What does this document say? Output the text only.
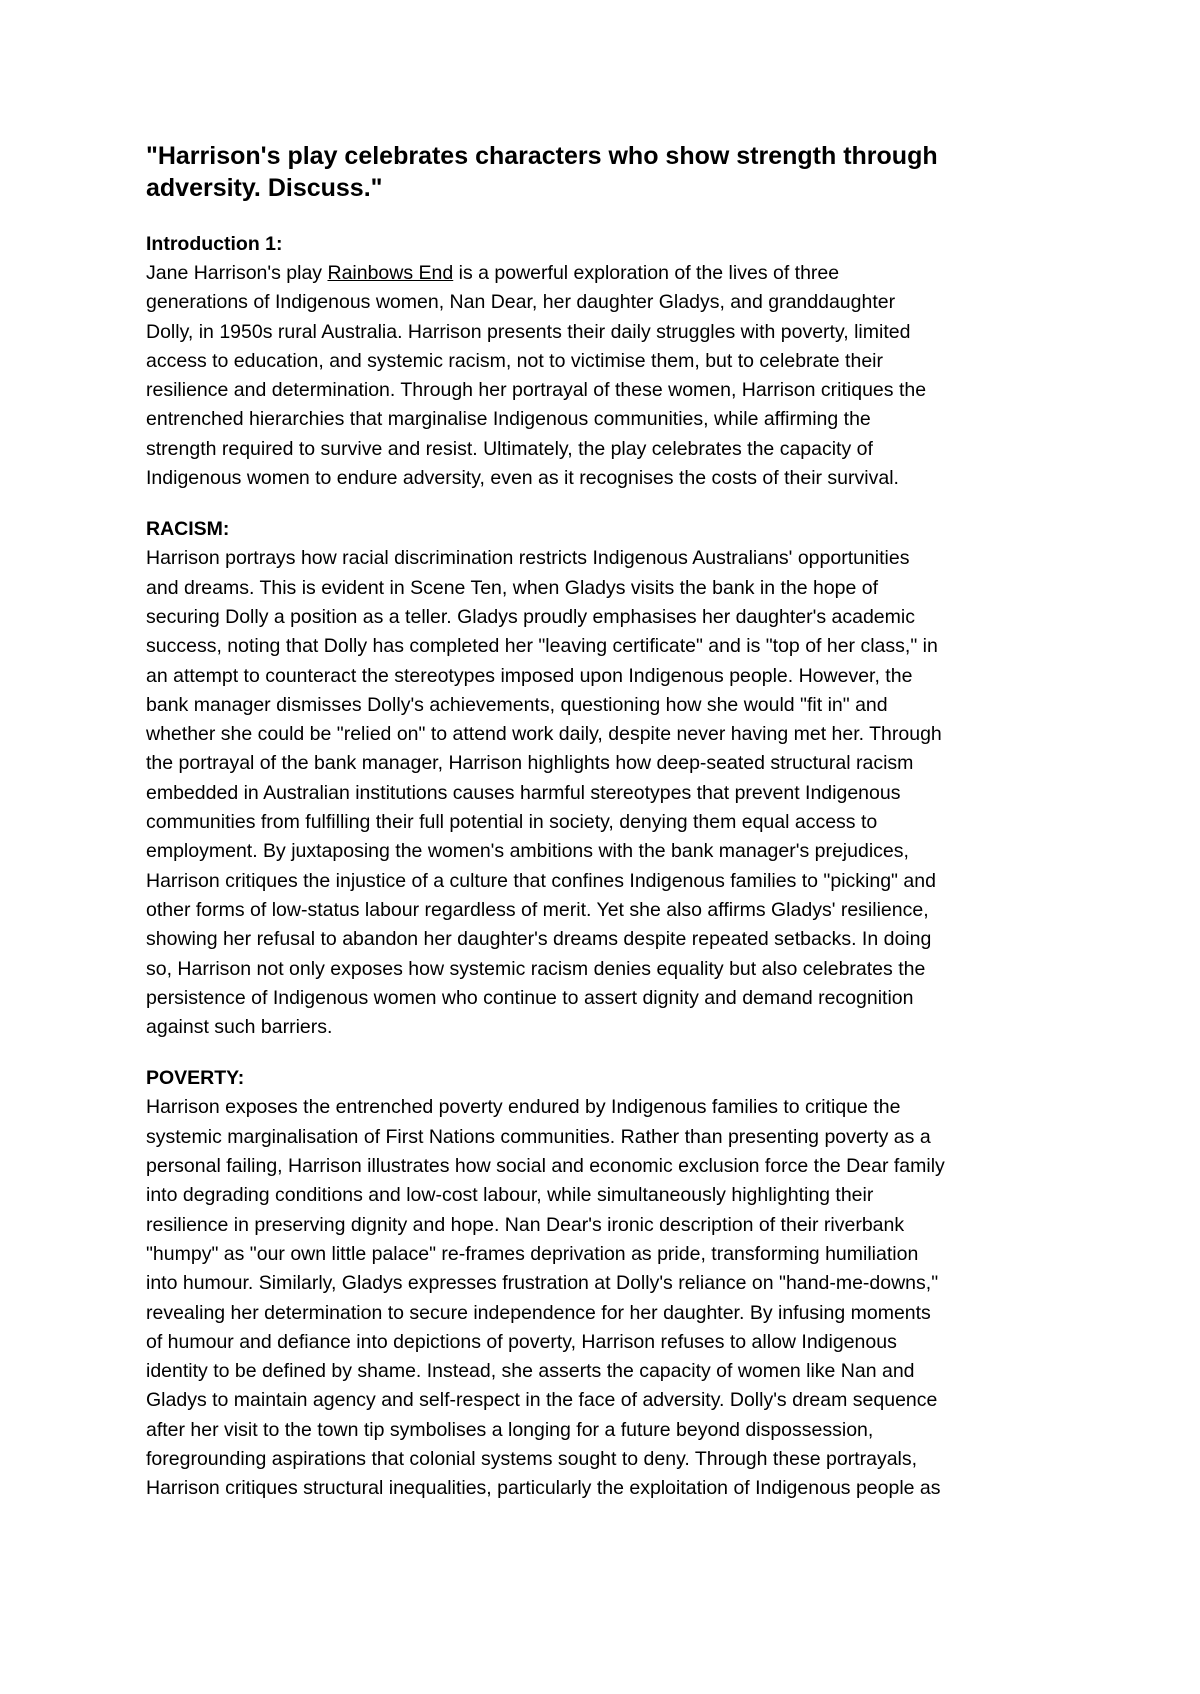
"Harrison's play celebrates characters who show strength through
adversity. Discuss."

Introduction 1:

Jane Harrison's play Rainbows End is a powerful exploration of the lives of three
generations of Indigenous women, Nan Dear, her daughter Gladys, and granddaughter
Dolly, in 1950s rural Australia. Harrison presents their daily struggles with poverty, limited
access to education, and systemic racism, not to victimise them, but to celebrate their
resilience and determination. Through her portrayal of these women, Harrison critiques the
entrenched hierarchies that marginalise Indigenous communities, while affirming the
strength required to survive and resist. Ultimately, the play celebrates the capacity of
Indigenous women to endure adversity, even as it recognises the costs of their survival.

RACISM:

Harrison portrays how racial discrimination restricts Indigenous Australians' opportunities
and dreams. This is evident in Scene Ten, when Gladys visits the bank in the hope of
securing Dolly a position as a teller. Gladys proudly emphasises her daughter's academic
success, noting that Dolly has completed her "leaving certificate" and is "top of her class," in
an attempt to counteract the stereotypes imposed upon Indigenous people. However, the
bank manager dismisses Dolly's achievements, questioning how she would "fit in" and
whether she could be "relied on" to attend work daily, despite never having met her. Through
the portrayal of the bank manager, Harrison highlights how deep-seated structural racism
embedded in Australian institutions causes harmful stereotypes that prevent Indigenous
communities from fulfilling their full potential in society, denying them equal access to
employment. By juxtaposing the women's ambitions with the bank manager's prejudices,
Harrison critiques the injustice of a culture that confines Indigenous families to "picking" and
other forms of low-status labour regardless of merit. Yet she also affirms Gladys' resilience,
showing her refusal to abandon her daughter's dreams despite repeated setbacks. In doing
so, Harrison not only exposes how systemic racism denies equality but also celebrates the
persistence of Indigenous women who continue to assert dignity and demand recognition
against such barriers.

POVERTY:

Harrison exposes the entrenched poverty endured by Indigenous families to critique the
systemic marginalisation of First Nations communities. Rather than presenting poverty as a
personal failing, Harrison illustrates how social and economic exclusion force the Dear family
into degrading conditions and low-cost labour, while simultaneously highlighting their
resilience in preserving dignity and hope. Nan Dear's ironic description of their riverbank
"humpy" as "our own little palace" re-frames deprivation as pride, transforming humiliation
into humour. Similarly, Gladys expresses frustration at Dolly's reliance on "hand-me-downs,"
revealing her determination to secure independence for her daughter. By infusing moments
of humour and defiance into depictions of poverty, Harrison refuses to allow Indigenous
identity to be defined by shame. Instead, she asserts the capacity of women like Nan and
Gladys to maintain agency and self-respect in the face of adversity. Dolly's dream sequence
after her visit to the town tip symbolises a longing for a future beyond dispossession,
foregrounding aspirations that colonial systems sought to deny. Through these portrayals,
Harrison critiques structural inequalities, particularly the exploitation of Indigenous people as
